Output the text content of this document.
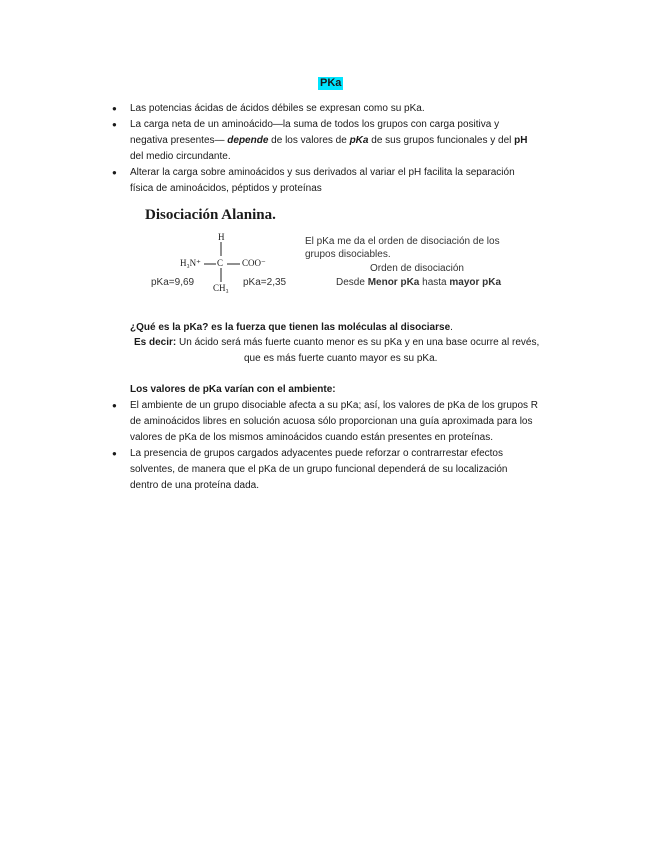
PKa
● Las potencias ácidas de ácidos débiles se expresan como su pKa.
● La carga neta de un aminoácido—la suma de todos los grupos con carga positiva y
negativa presentes— depende de los valores de pKa de sus grupos funcionales y del pH
del medio circundante.
● Alterar la carga sobre aminoácidos y sus derivados al variar el pH facilita la separación
física de aminoácidos, péptidos y proteínas
Disociación Alanina.
H
H₃N⁺ C COO⁻
CH₃
pKa=9,69	pKa=2,35
El pKa me da el orden de disociación de los
grupos disociables.
Orden de disociación
Desde Menor pKa hasta mayor pKa
¿Qué es la pKa? es la fuerza que tienen las moléculas al disociarse.
Es decir: Un ácido será más fuerte cuanto menor es su pKa y en una base ocurre al revés,
que es más fuerte cuanto mayor es su pKa.
Los valores de pKa varían con el ambiente:
● El ambiente de un grupo disociable afecta a su pKa; así, los valores de pKa de los grupos R
de aminoácidos libres en solución acuosa sólo proporcionan una guía aproximada para los
valores de pKa de los mismos aminoácidos cuando están presentes en proteínas.
● La presencia de grupos cargados adyacentes puede reforzar o contrarrestar efectos
solventes, de manera que el pKa de un grupo funcional dependerá de su localización
dentro de una proteína dada.
